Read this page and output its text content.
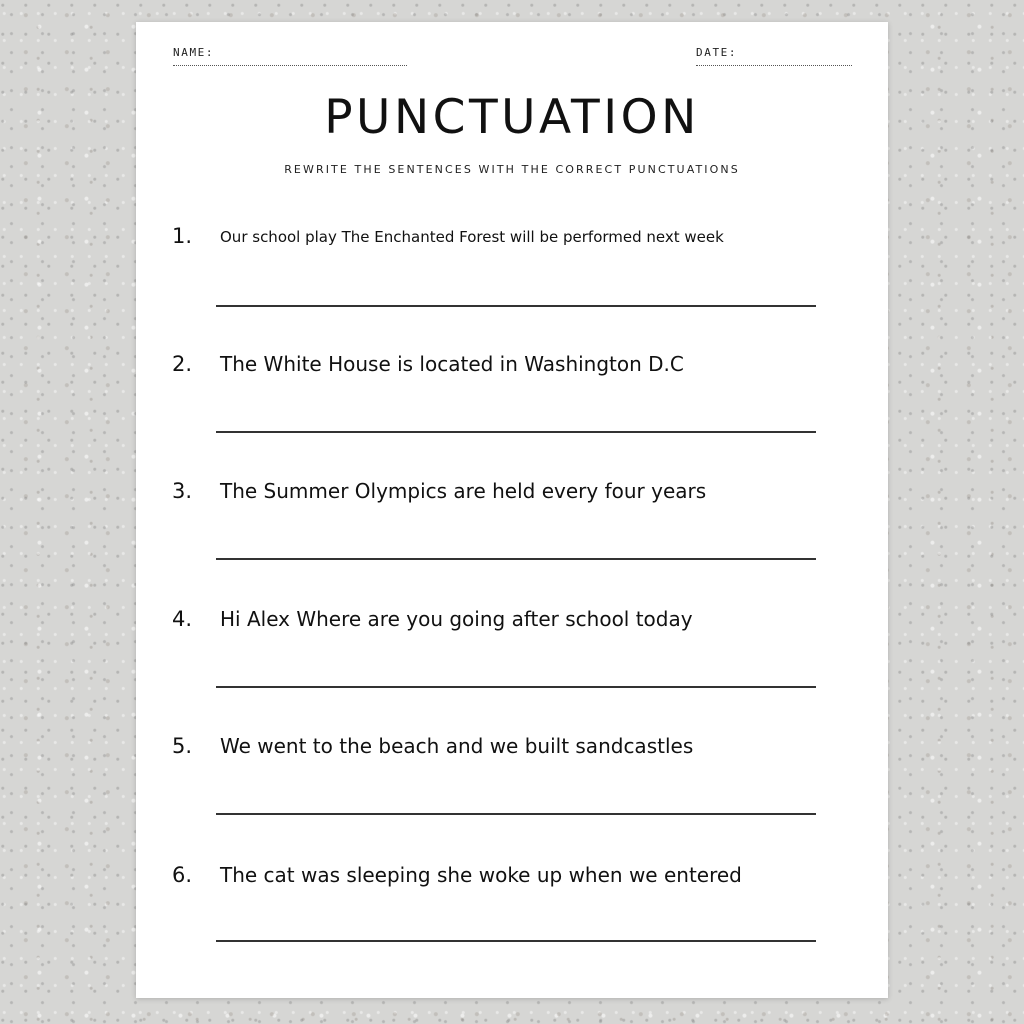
NAME:	DATE:
PUNCTUATION
REWRITE THE SENTENCES WITH THE CORRECT PUNCTUATIONS
1. Our school play The Enchanted Forest will be performed next week
2. The White House is located in Washington D.C
3. The Summer Olympics are held every four years
4. Hi Alex Where are you going after school today
5. We went to the beach and we built sandcastles
6. The cat was sleeping she woke up when we entered
